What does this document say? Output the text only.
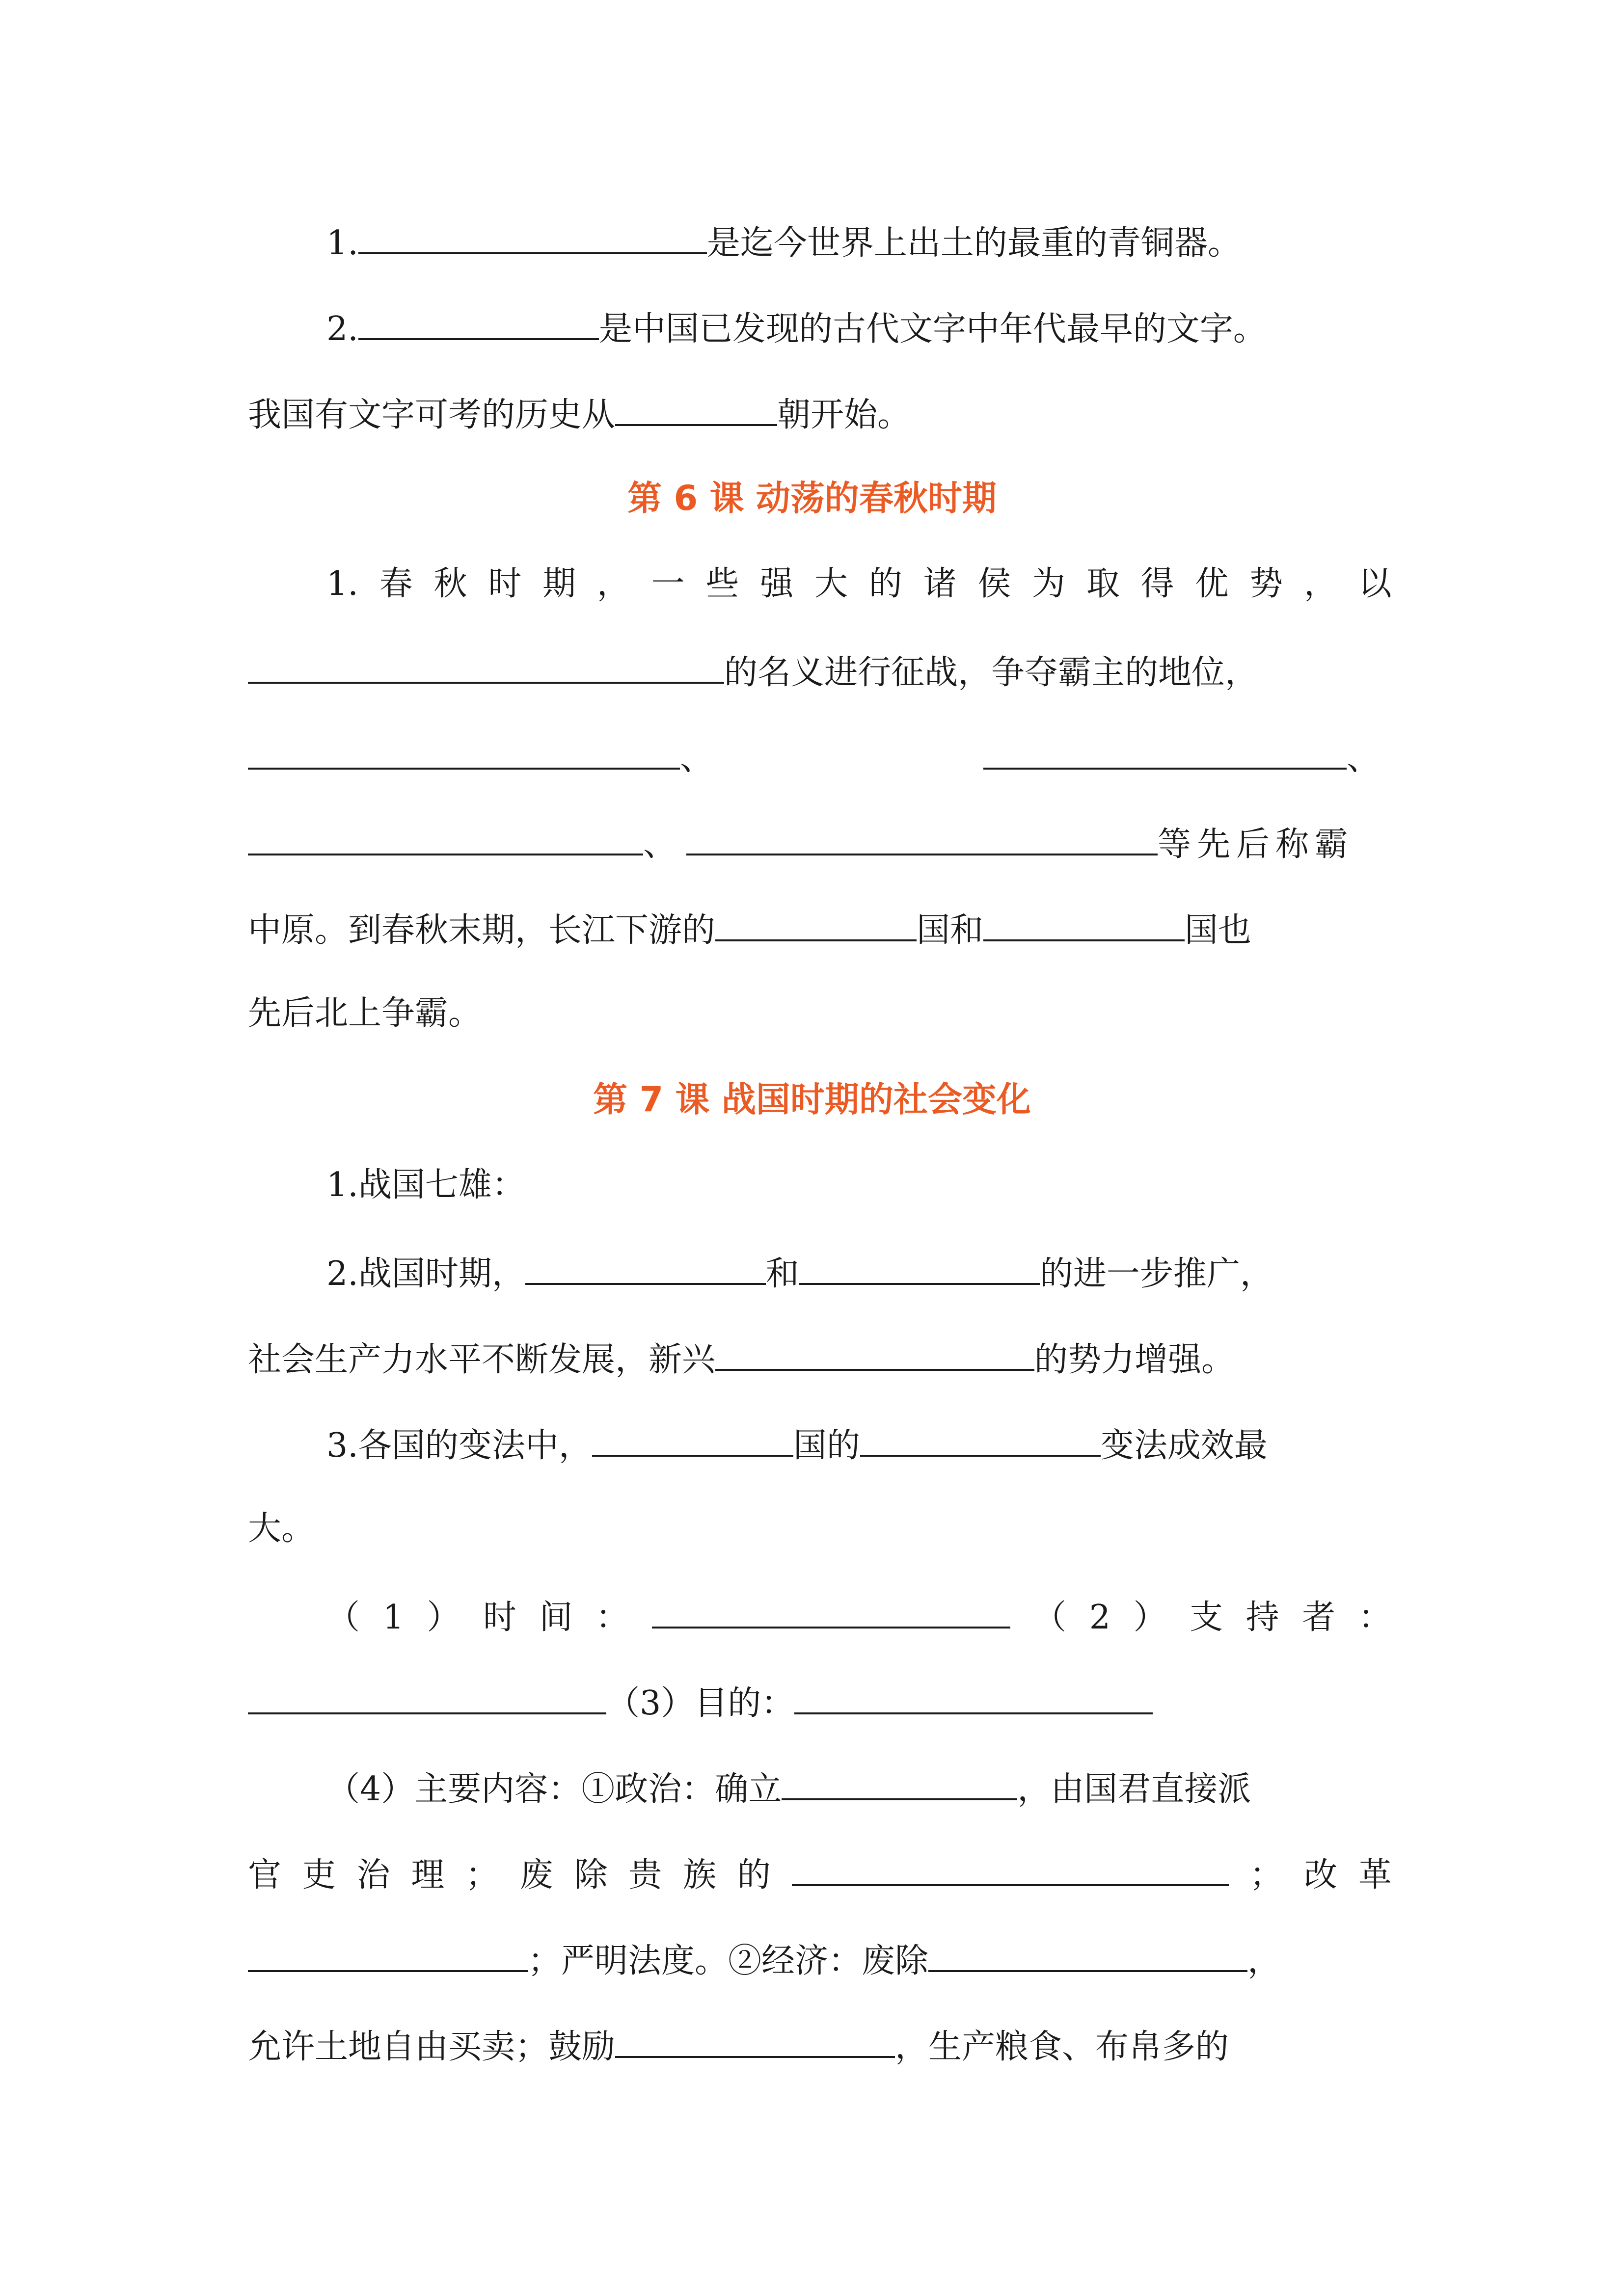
1.	是迄今世界上出土的最重的青铜器。
2.	是中国已发现的古代文字中年代最早的文字。
我国有文字可考的历史从	朝开始。
第 6 课 动荡的春秋时期
1. 春 秋 时 期 ， 一 些 强 大 的 诸 侯 为 取 得 优 势 ， 以
的名义进行征战，争夺霸主的地位，
、	、
、	等先后称霸
中原。到春秋末期，长江下游的	国和	国也
先后北上争霸。
第 7 课 战国时期的社会变化
1.战国七雄：
2.战国时期，	和	的进一步推广，
社会生产力水平不断发展，新兴	的势力增强。
3.各国的变法中，	国的	变法成效最
大。
（ 1 ） 时 间 ：	（ 2 ） 支 持 者 ：
（3）目的：
（4）主要内容：①政治：确立	，由国君直接派
官 吏 治 理 ； 废 除 贵 族 的	； 改 革
；严明法度。②经济：废除	，
允许土地自由买卖；鼓励	，生产粮食、布帛多的
